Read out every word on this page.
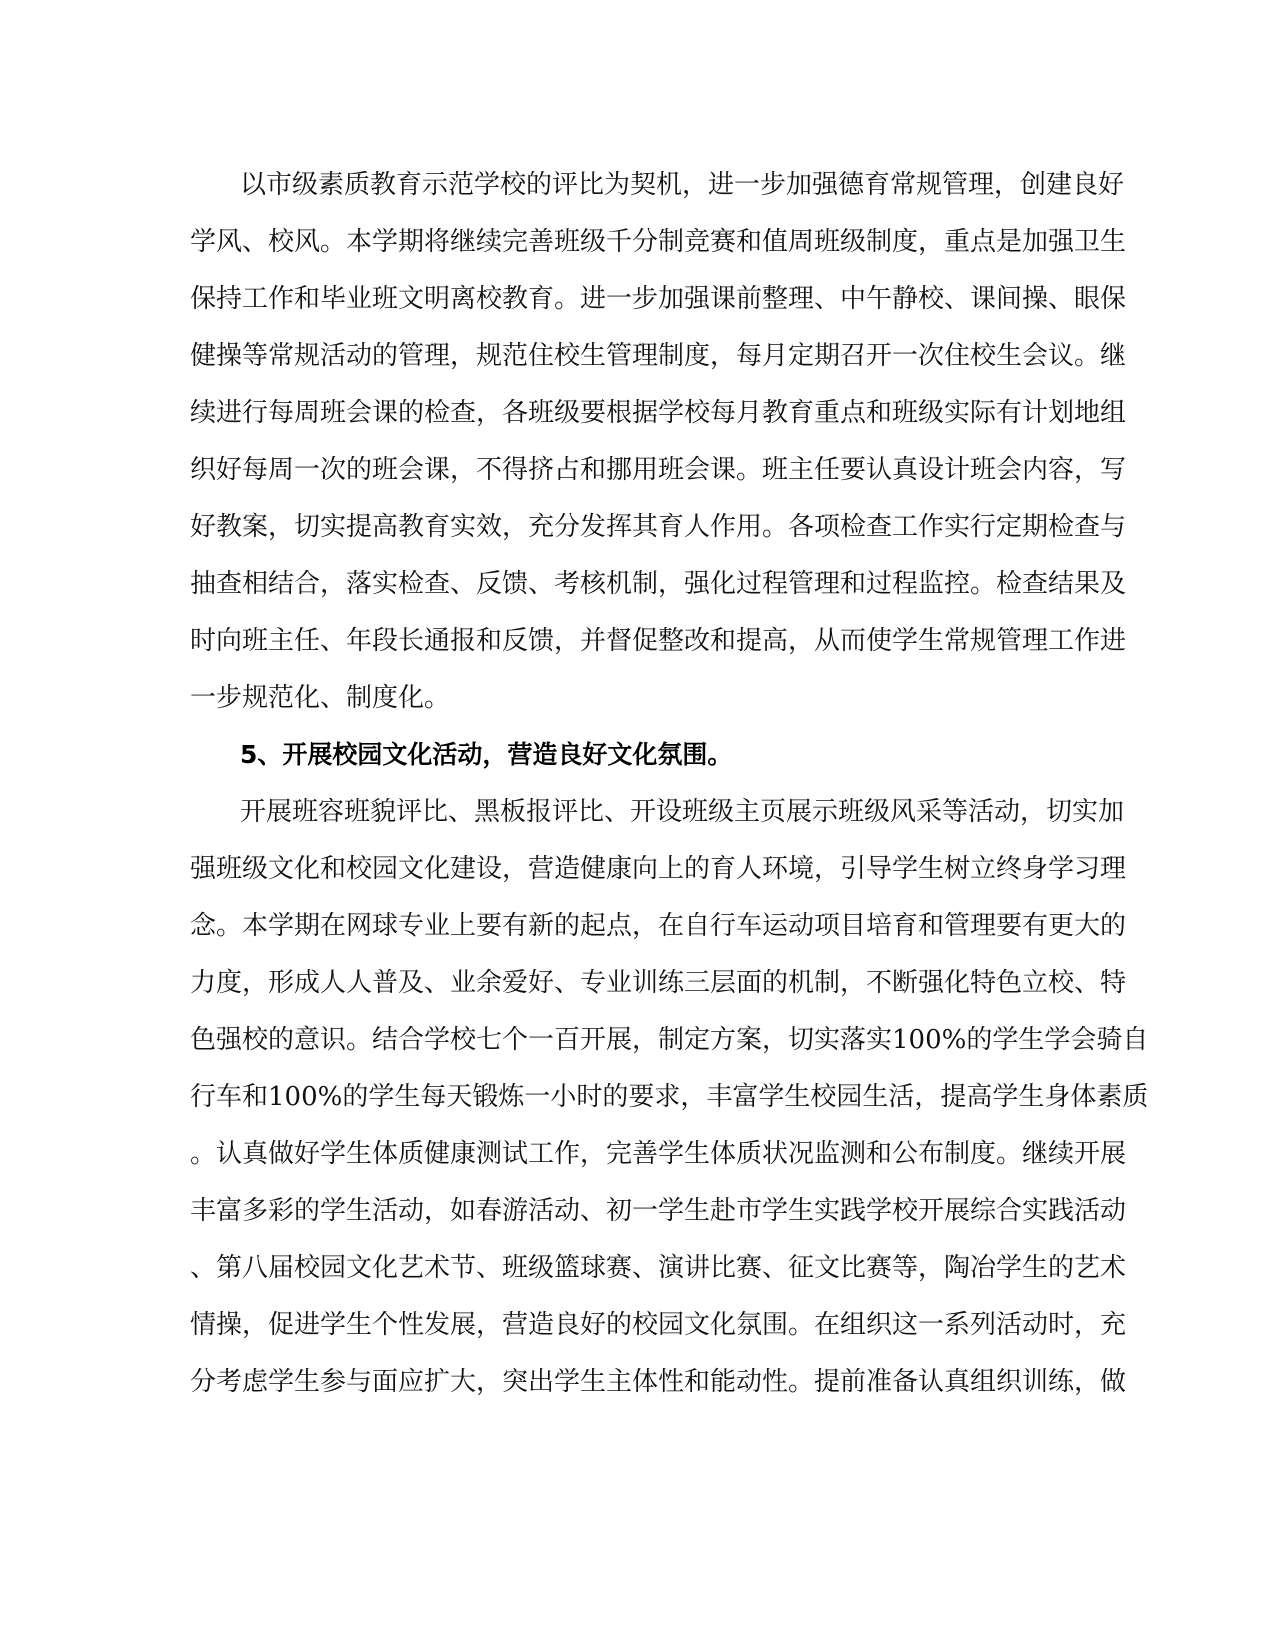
以市级素质教育示范学校的评比为契机，进一步加强德育常规管理，创建良好
学风、校风。本学期将继续完善班级千分制竞赛和值周班级制度，重点是加强卫生
保持工作和毕业班文明离校教育。进一步加强课前整理、中午静校、课间操、眼保
健操等常规活动的管理，规范住校生管理制度，每月定期召开一次住校生会议。继
续进行每周班会课的检查，各班级要根据学校每月教育重点和班级实际有计划地组
织好每周一次的班会课，不得挤占和挪用班会课。班主任要认真设计班会内容，写
好教案，切实提高教育实效，充分发挥其育人作用。各项检查工作实行定期检查与
抽查相结合，落实检查、反馈、考核机制，强化过程管理和过程监控。检查结果及
时向班主任、年段长通报和反馈，并督促整改和提高，从而使学生常规管理工作进
一步规范化、制度化。
5、开展校园文化活动，营造良好文化氛围。
开展班容班貌评比、黑板报评比、开设班级主页展示班级风采等活动，切实加
强班级文化和校园文化建设，营造健康向上的育人环境，引导学生树立终身学习理
念。本学期在网球专业上要有新的起点，在自行车运动项目培育和管理要有更大的
力度，形成人人普及、业余爱好、专业训练三层面的机制，不断强化特色立校、特
色强校的意识。结合学校七个一百开展，制定方案，切实落实100%的学生学会骑自
行车和100%的学生每天锻炼一小时的要求，丰富学生校园生活，提高学生身体素质
。认真做好学生体质健康测试工作，完善学生体质状况监测和公布制度。继续开展
丰富多彩的学生活动，如春游活动、初一学生赴市学生实践学校开展综合实践活动
、第八届校园文化艺术节、班级篮球赛、演讲比赛、征文比赛等，陶冶学生的艺术
情操，促进学生个性发展，营造良好的校园文化氛围。在组织这一系列活动时，充
分考虑学生参与面应扩大，突出学生主体性和能动性。提前准备认真组织训练，做
